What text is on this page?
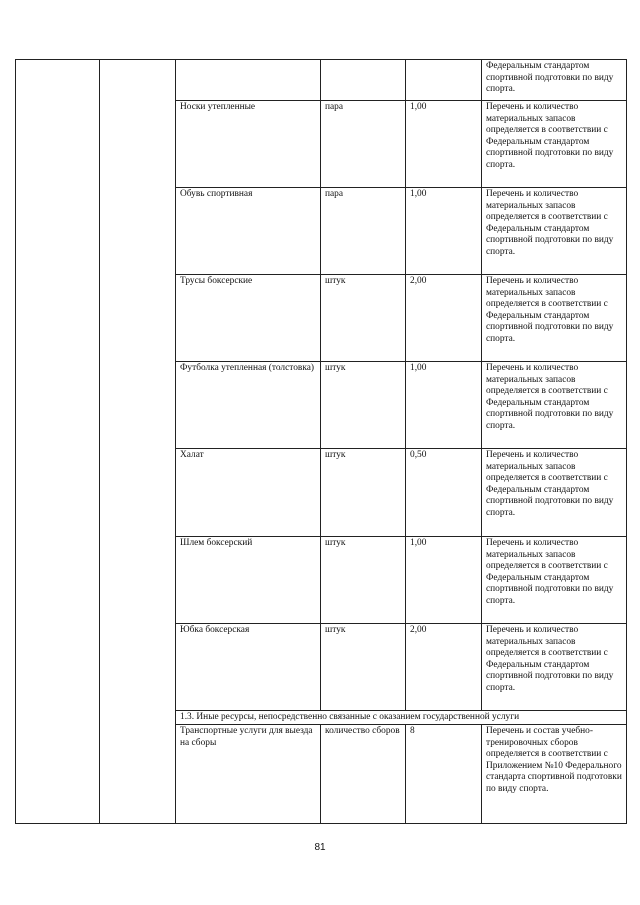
					Федеральным стандартом спортивной подготовки по виду спорта.
		Носки утепленные	пара	1,00	Перечень и количество материальных запасов определяется в соответствии с Федеральным стандартом спортивной подготовки по виду спорта.
		Обувь спортивная	пара	1,00	Перечень и количество материальных запасов определяется в соответствии с Федеральным стандартом спортивной подготовки по виду спорта.
		Трусы боксерские	штук	2,00	Перечень и количество материальных запасов определяется в соответствии с Федеральным стандартом спортивной подготовки по виду спорта.
		Футболка утепленная (толстовка)	штук	1,00	Перечень и количество материальных запасов определяется в соответствии с Федеральным стандартом спортивной подготовки по виду спорта.
		Халат	штук	0,50	Перечень и количество материальных запасов определяется в соответствии с Федеральным стандартом спортивной подготовки по виду спорта.
		Шлем боксерский	штук	1,00	Перечень и количество материальных запасов определяется в соответствии с Федеральным стандартом спортивной подготовки по виду спорта.
		Юбка боксерская	штук	2,00	Перечень и количество материальных запасов определяется в соответствии с Федеральным стандартом спортивной подготовки по виду спорта.
		1.3. Иные ресурсы, непосредственно связанные с оказанием государственной услуги			
		Транспортные услуги для выезда на сборы	количество сборов	8	Перечень и состав учебно-тренировочных сборов определяется в соответствии с Приложением №10 Федерального стандарта спортивной подготовки по виду спорта.
81
